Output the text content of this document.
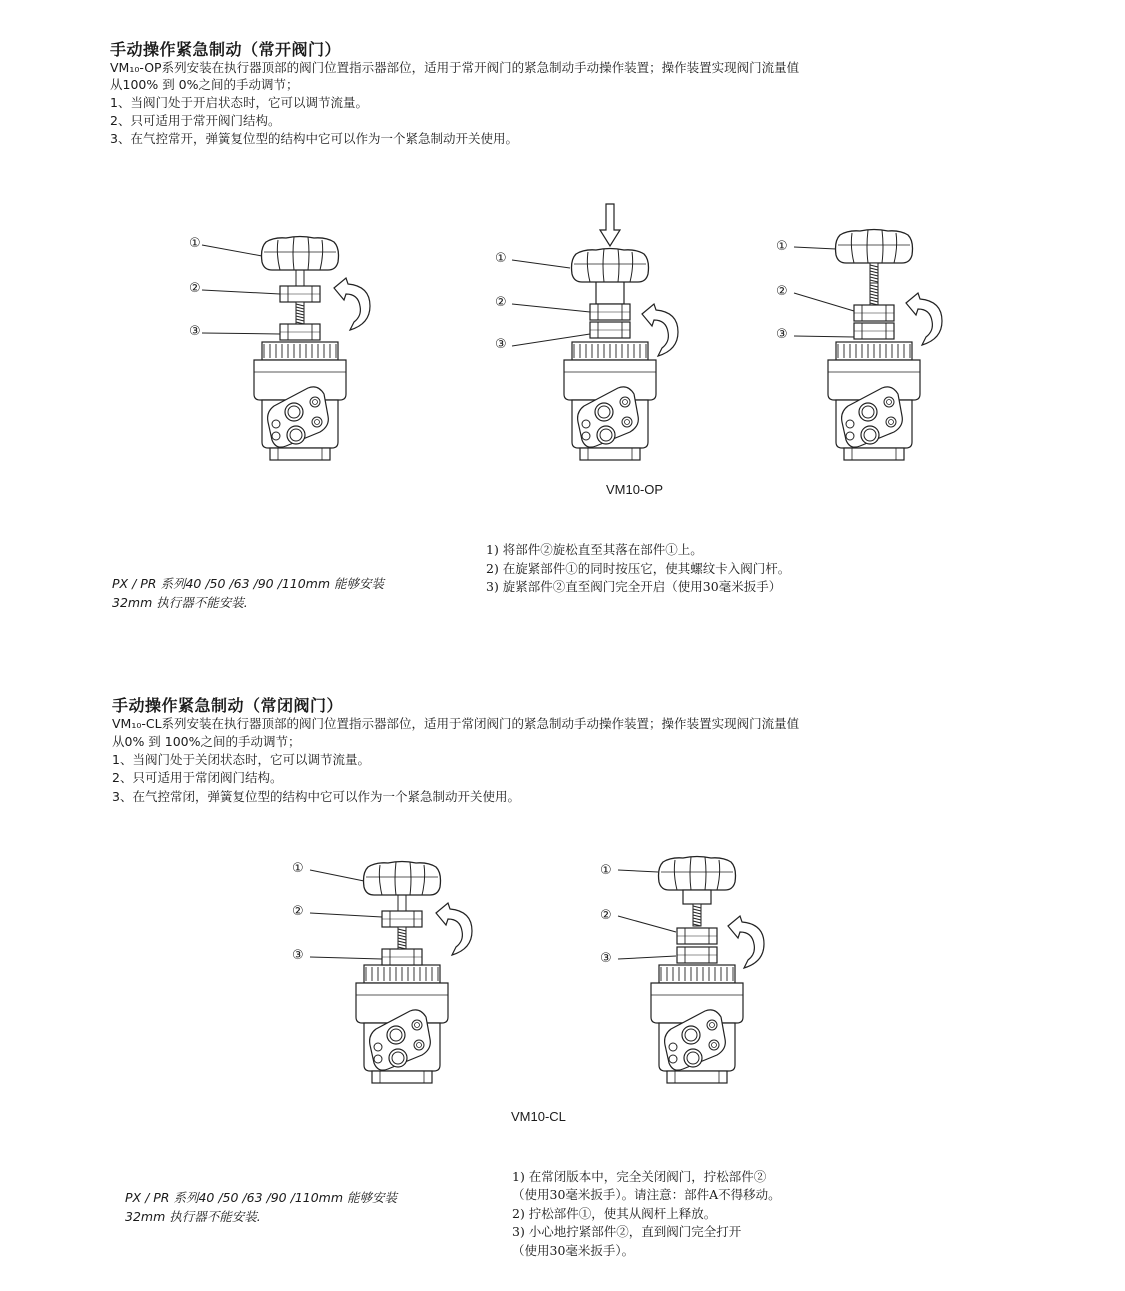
手动操作紧急制动（常开阀门）
VM₁₀-OP系列安装在执行器顶部的阀门位置指示器部位，适用于常开阀门的紧急制动手动操作装置；操作装置实现阀门流量值
从100% 到 0%之间的手动调节；
1、当阀门处于开启状态时，它可以调节流量。
2、只可适用于常开阀门结构。
3、在气控常开，弹簧复位型的结构中它可以作为一个紧急制动开关使用。
①
②
③
①
②
③
①
②
③
VM10-OP
PX / PR 系列40 /50 /63 /90 /110mm 能够安装
32mm 执行器不能安装.
1) 将部件②旋松直至其落在部件①上。
2) 在旋紧部件①的同时按压它，使其螺纹卡入阀门杆。
3) 旋紧部件②直至阀门完全开启（使用30毫米扳手）
手动操作紧急制动（常闭阀门）
VM₁₀-CL系列安装在执行器顶部的阀门位置指示器部位，适用于常闭阀门的紧急制动手动操作装置；操作装置实现阀门流量值
从0% 到 100%之间的手动调节；
1、当阀门处于关闭状态时，它可以调节流量。
2、只可适用于常闭阀门结构。
3、在气控常闭，弹簧复位型的结构中它可以作为一个紧急制动开关使用。
①
②
③
①
②
③
VM10-CL
PX / PR 系列40 /50 /63 /90 /110mm 能够安装
32mm 执行器不能安装.
1) 在常闭版本中，完全关闭阀门，拧松部件②
（使用30毫米扳手）。请注意：部件A不得移动。
2) 拧松部件①，使其从阀杆上释放。
3) 小心地拧紧部件②，直到阀门完全打开
（使用30毫米扳手）。
